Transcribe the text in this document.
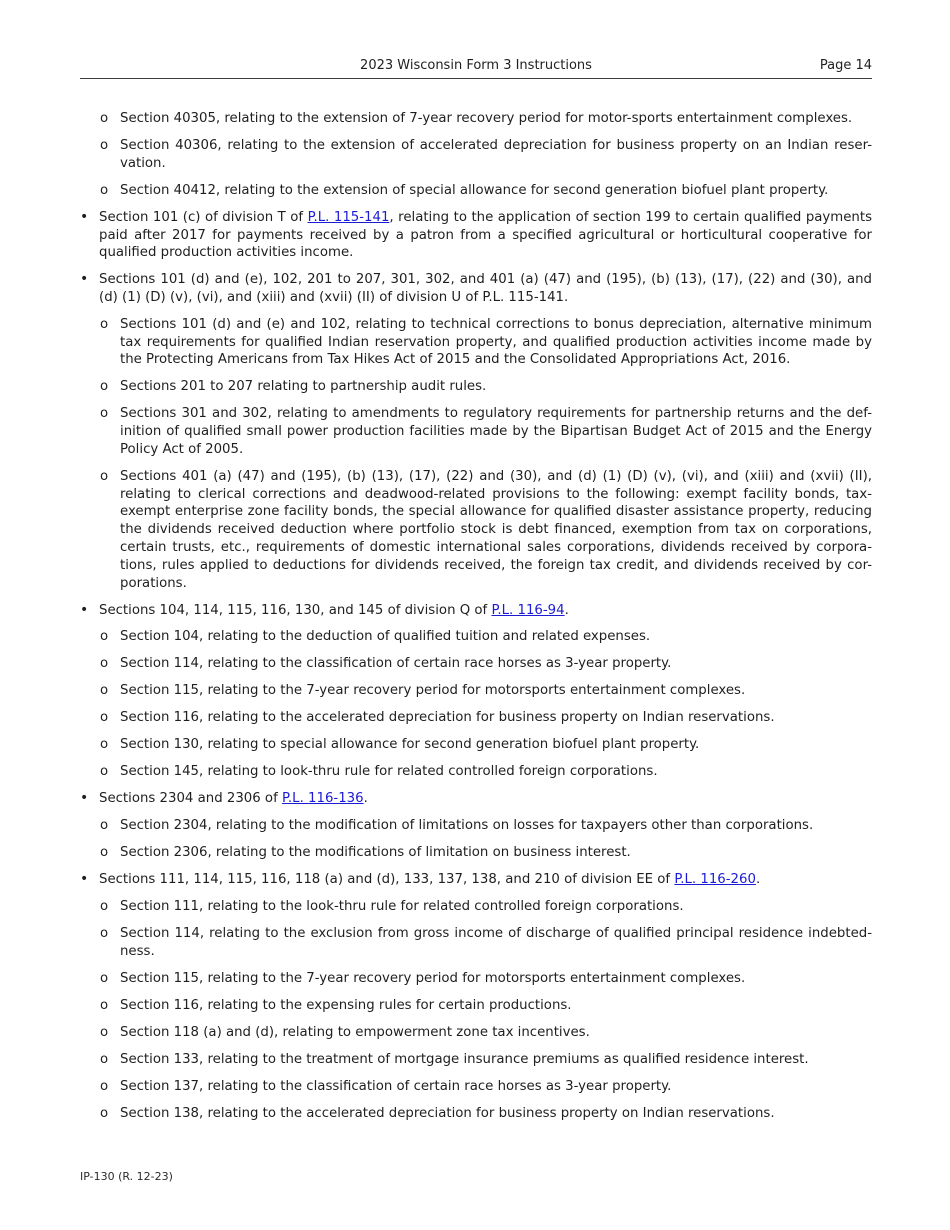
2023 Wisconsin Form 3 Instructions	Page 14
o Section 40305, relating to the extension of 7-year recovery period for motor-sports entertainment complexes.
o Section 40306, relating to the extension of accelerated depreciation for business property on an Indian reser-vation.
o Section 40412, relating to the extension of special allowance for second generation biofuel plant property.
• Section 101 (c) of division T of P.L. 115-141, relating to the application of section 199 to certain qualified payments paid after 2017 for payments received by a patron from a specified agricultural or horticultural cooperative for qualified production activities income.
• Sections 101 (d) and (e), 102, 201 to 207, 301, 302, and 401 (a) (47) and (195), (b) (13), (17), (22) and (30), and (d) (1) (D) (v), (vi), and (xiii) and (xvii) (II) of division U of P.L. 115-141.
o Sections 101 (d) and (e) and 102, relating to technical corrections to bonus depreciation, alternative minimum tax requirements for qualified Indian reservation property, and qualified production activities income made by the Protecting Americans from Tax Hikes Act of 2015 and the Consolidated Appropriations Act, 2016.
o Sections 201 to 207 relating to partnership audit rules.
o Sections 301 and 302, relating to amendments to regulatory requirements for partnership returns and the def-inition of qualified small power production facilities made by the Bipartisan Budget Act of 2015 and the Energy Policy Act of 2005.
o Sections 401 (a) (47) and (195), (b) (13), (17), (22) and (30), and (d) (1) (D) (v), (vi), and (xiii) and (xvii) (II), relating to clerical corrections and deadwood-related provisions to the following: exempt facility bonds, tax-exempt enterprise zone facility bonds, the special allowance for qualified disaster assistance property, reducing the dividends received deduction where portfolio stock is debt financed, exemption from tax on corporations, certain trusts, etc., requirements of domestic international sales corporations, dividends received by corpora-tions, rules applied to deductions for dividends received, the foreign tax credit, and dividends received by cor-porations.
• Sections 104, 114, 115, 116, 130, and 145 of division Q of P.L. 116-94.
o Section 104, relating to the deduction of qualified tuition and related expenses.
o Section 114, relating to the classification of certain race horses as 3-year property.
o Section 115, relating to the 7-year recovery period for motorsports entertainment complexes.
o Section 116, relating to the accelerated depreciation for business property on Indian reservations.
o Section 130, relating to special allowance for second generation biofuel plant property.
o Section 145, relating to look-thru rule for related controlled foreign corporations.
• Sections 2304 and 2306 of P.L. 116-136.
o Section 2304, relating to the modification of limitations on losses for taxpayers other than corporations.
o Section 2306, relating to the modifications of limitation on business interest.
• Sections 111, 114, 115, 116, 118 (a) and (d), 133, 137, 138, and 210 of division EE of P.L. 116-260.
o Section 111, relating to the look-thru rule for related controlled foreign corporations.
o Section 114, relating to the exclusion from gross income of discharge of qualified principal residence indebted-ness.
o Section 115, relating to the 7-year recovery period for motorsports entertainment complexes.
o Section 116, relating to the expensing rules for certain productions.
o Section 118 (a) and (d), relating to empowerment zone tax incentives.
o Section 133, relating to the treatment of mortgage insurance premiums as qualified residence interest.
o Section 137, relating to the classification of certain race horses as 3-year property.
o Section 138, relating to the accelerated depreciation for business property on Indian reservations.
IP-130 (R. 12-23)
